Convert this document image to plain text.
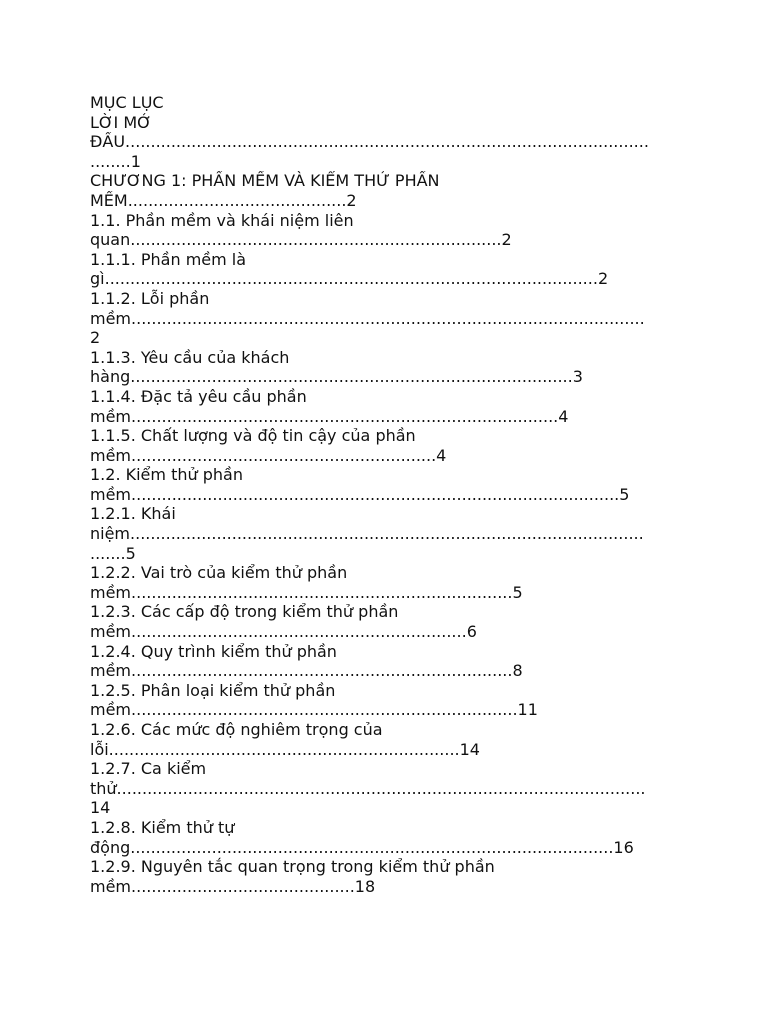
MỤC LỤC
LỜI MỞ
ĐẦU.......................................................................................................
........1
CHƯƠNG 1: PHẦN MỀM VÀ KIỂM THỬ PHẦN
MỀM...........................................2
1.1. Phần mềm và khái niệm liên
quan.........................................................................2
1.1.1. Phần mềm là
gì.................................................................................................2
1.1.2. Lỗi phần
mềm.....................................................................................................
2
1.1.3. Yêu cầu của khách
hàng.......................................................................................3
1.1.4. Đặc tả yêu cầu phần
mềm....................................................................................4
1.1.5. Chất lượng và độ tin cậy của phần
mềm............................................................4
1.2. Kiểm thử phần
mềm................................................................................................5
1.2.1. Khái
niệm.....................................................................................................
.......5
1.2.2. Vai trò của kiểm thử phần
mềm...........................................................................5
1.2.3. Các cấp độ trong kiểm thử phần
mềm..................................................................6
1.2.4. Quy trình kiểm thử phần
mềm...........................................................................8
1.2.5. Phân loại kiểm thử phần
mềm............................................................................11
1.2.6. Các mức độ nghiêm trọng của
lỗi.....................................................................14
1.2.7. Ca kiểm
thử........................................................................................................
14
1.2.8. Kiểm thử tự
động...............................................................................................16
1.2.9. Nguyên tắc quan trọng trong kiểm thử phần
mềm............................................18
